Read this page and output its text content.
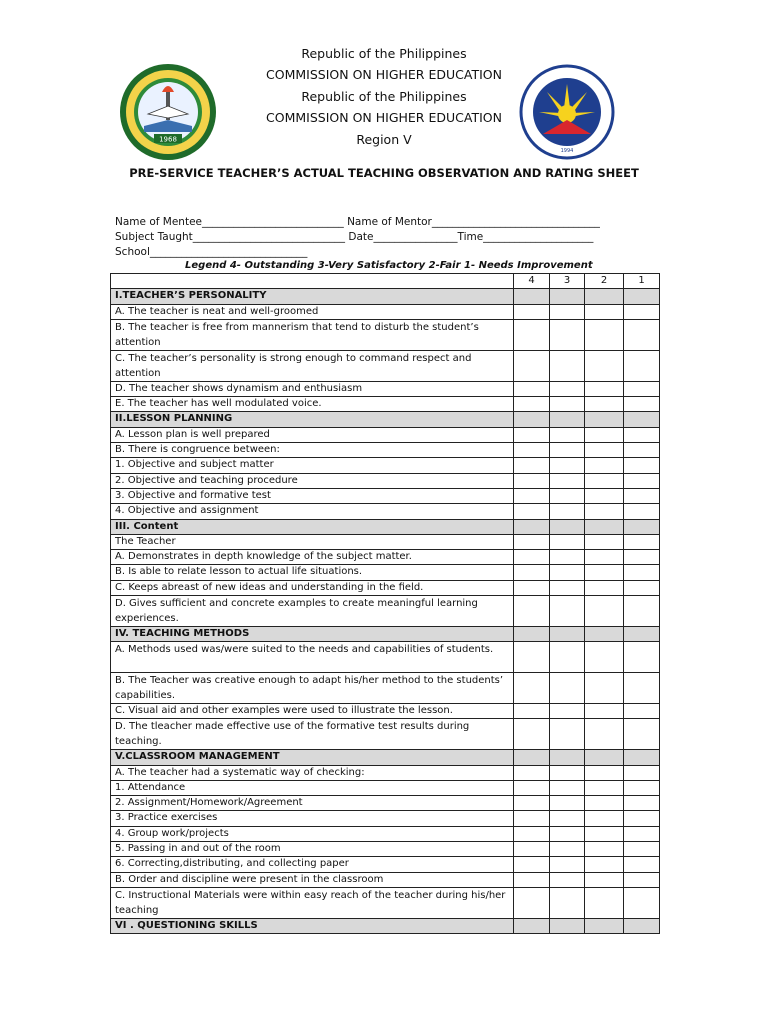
1968
1994
Republic of the Philippines
COMMISSION ON HIGHER EDUCATION
Republic of the Philippines
COMMISSION ON HIGHER EDUCATION
Region V
PRE-SERVICE TEACHER’S ACTUAL TEACHING OBSERVATION AND RATING SHEET
Name of Mentee___________________________ Name of Mentor________________________________
Subject Taught_____________________________ Date________________Time_____________________
School______________________________
Legend 4- Outstanding 3-Very Satisfactory 2-Fair 1- Needs Improvement
	4	3	2	1
I.TEACHER’S PERSONALITY				
A. The teacher is neat and well-groomed				
B. The teacher is free from mannerism that tend to disturb the student’s attention				
C. The teacher’s personality is strong enough to command respect and attention				
D. The teacher shows dynamism and enthusiasm				
E. The teacher has well modulated voice.				
II.LESSON PLANNING				
A. Lesson plan is well prepared				
B. There is congruence between:				
1. Objective and subject matter				
2. Objective and teaching procedure				
3. Objective and formative test				
4. Objective and assignment				
III. Content				
The Teacher				
A. Demonstrates in depth knowledge of the subject matter.				
B. Is able to relate lesson to actual life situations.				
C. Keeps abreast of new ideas and understanding in the field.				
D. Gives sufficient and concrete examples to create meaningful learning experiences.				
IV. TEACHING METHODS				
A. Methods used was/were suited to the needs and capabilities of students.				
B. The Teacher was creative enough to adapt his/her method to the students’ capabilities.				
C. Visual aid and other examples were used to illustrate the lesson.				
D. The tleacher made effective use of the formative test results during teaching.				
V.CLASSROOM MANAGEMENT				
A. The teacher had a systematic way of checking:				
1. Attendance				
2. Assignment/Homework/Agreement				
3. Practice exercises				
4. Group work/projects				
5. Passing in and out of the room				
6. Correcting,distributing, and collecting paper				
B. Order and discipline were present in the classroom				
C. Instructional Materials were within easy reach of the teacher during his/her teaching				
VI . QUESTIONING SKILLS				
